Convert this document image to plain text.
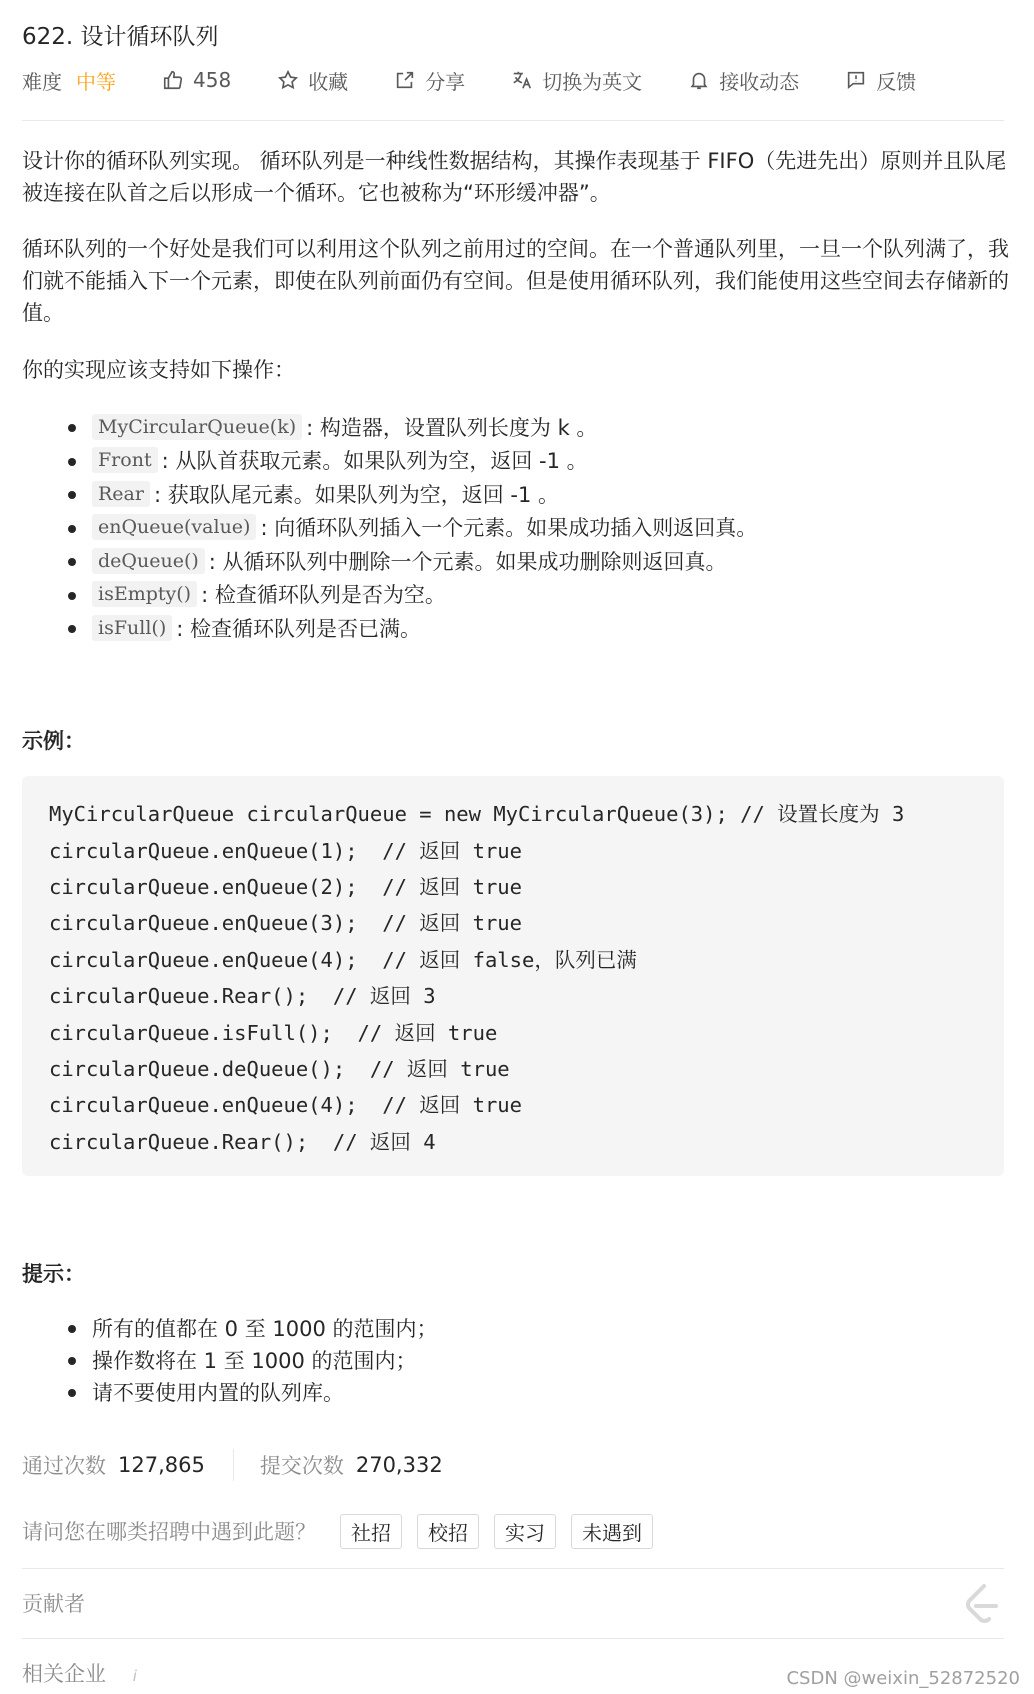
622. 设计循环队列
难度 中等	458	收藏	分享	切换为英文	接收动态	反馈
设计你的循环队列实现。 循环队列是一种线性数据结构，其操作表现基于 FIFO（先进先出）原则并且队尾被连接在队首之后以形成一个循环。它也被称为“环形缓冲器”。
循环队列的一个好处是我们可以利用这个队列之前用过的空间。在一个普通队列里，一旦一个队列满了，我们就不能插入下一个元素，即使在队列前面仍有空间。但是使用循环队列，我们能使用这些空间去存储新的值。
你的实现应该支持如下操作：
MyCircularQueue(k) : 构造器，设置队列长度为 k 。
Front : 从队首获取元素。如果队列为空，返回 -1 。
Rear : 获取队尾元素。如果队列为空，返回 -1 。
enQueue(value) : 向循环队列插入一个元素。如果成功插入则返回真。
deQueue() : 从循环队列中删除一个元素。如果成功删除则返回真。
isEmpty() : 检查循环队列是否为空。
isFull() : 检查循环队列是否已满。
示例：
MyCircularQueue circularQueue = new MyCircularQueue(3); // 设置长度为 3
circularQueue.enQueue(1);  // 返回 true
circularQueue.enQueue(2);  // 返回 true
circularQueue.enQueue(3);  // 返回 true
circularQueue.enQueue(4);  // 返回 false，队列已满
circularQueue.Rear();  // 返回 3
circularQueue.isFull();  // 返回 true
circularQueue.deQueue();  // 返回 true
circularQueue.enQueue(4);  // 返回 true
circularQueue.Rear();  // 返回 4
提示：
所有的值都在 0 至 1000 的范围内；
操作数将在 1 至 1000 的范围内；
请不要使用内置的队列库。
通过次数 127,865	提交次数 270,332
请问您在哪类招聘中遇到此题？	社招	校招	实习	未遇到
贡献者
相关企业 i	CSDN @weixin_52872520
